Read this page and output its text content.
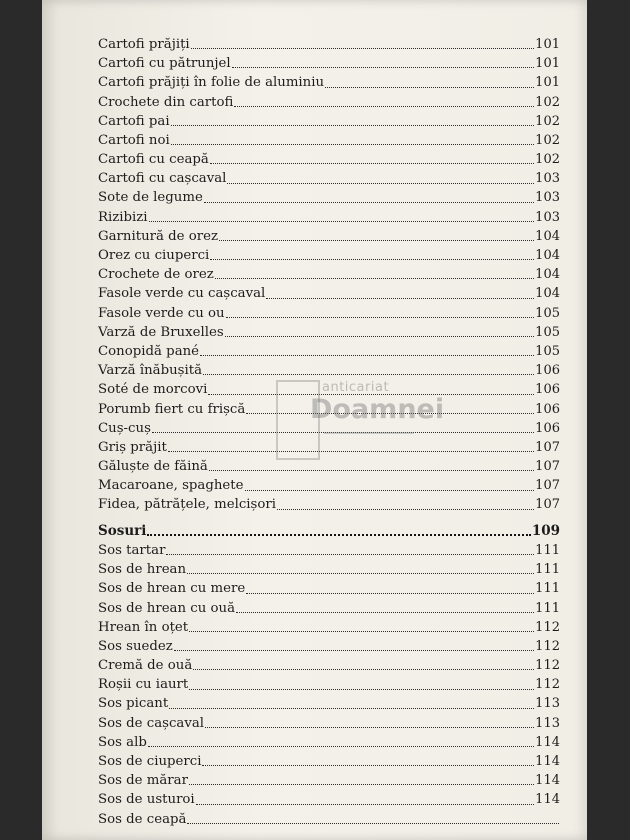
Cartofi prăjiți	101
Cartofi cu pătrunjel	101
Cartofi prăjiți în folie de aluminiu	101
Crochete din cartofi	102
Cartofi pai	102
Cartofi noi	102
Cartofi cu ceapă	102
Cartofi cu cașcaval	103
Sote de legume	103
Rizibizi	103
Garnitură de orez	104
Orez cu ciuperci	104
Crochete de orez	104
Fasole verde cu cașcaval	104
Fasole verde cu ou	105
Varză de Bruxelles	105
Conopidă pané	105
Varză înăbușită	106
Soté de morcovi	106
Porumb fiert cu frișcă	106
Cuș-cuș	106
Griș prăjit	107
Găluște de făină	107
Macaroane, spaghete	107
Fidea, pătrățele, melcișori	107
Sosuri	109
Sos tartar	111
Sos de hrean	111
Sos de hrean cu mere	111
Sos de hrean cu ouă	111
Hrean în oțet	112
Sos suedez	112
Cremă de ouă	112
Roșii cu iaurt	112
Sos picant	113
Sos de cașcaval	113
Sos alb	114
Sos de ciuperci	114
Sos de mărar	114
Sos de usturoi	114
Sos de ceapă
anticariat
Doamnei
